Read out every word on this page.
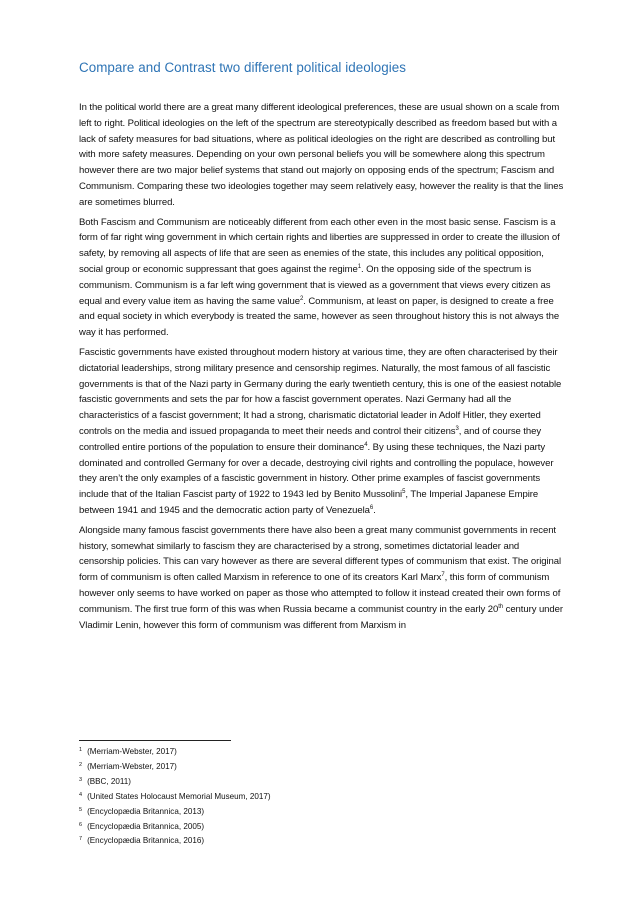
Compare and Contrast two different political ideologies

In the political world there are a great many different ideological preferences, these are usual shown on a scale from left to right. Political ideologies on the left of the spectrum are stereotypically described as freedom based but with a lack of safety measures for bad situations, where as political ideologies on the right are described as controlling but with more safety measures. Depending on your own personal beliefs you will be somewhere along this spectrum however there are two major belief systems that stand out majorly on opposing ends of the spectrum; Fascism and Communism. Comparing these two ideologies together may seem relatively easy, however the reality is that the lines are sometimes blurred.

Both Fascism and Communism are noticeably different from each other even in the most basic sense. Fascism is a form of far right wing government in which certain rights and liberties are suppressed in order to create the illusion of safety, by removing all aspects of life that are seen as enemies of the state, this includes any political opposition, social group or economic suppressant that goes against the regime$^1$. On the opposing side of the spectrum is communism. Communism is a far left wing government that is viewed as a government that views every citizen as equal and every value item as having the same value$^2$. Communism, at least on paper, is designed to create a free and equal society in which everybody is treated the same, however as seen throughout history this is not always the way it has performed.

Fascistic governments have existed throughout modern history at various time, they are often characterised by their dictatorial leaderships, strong military presence and censorship regimes. Naturally, the most famous of all fascistic governments is that of the Nazi party in Germany during the early twentieth century, this is one of the easiest notable fascistic governments and sets the par for how a fascist government operates. Nazi Germany had all the characteristics of a fascist government; It had a strong, charismatic dictatorial leader in Adolf Hitler, they exerted controls on the media and issued propaganda to meet their needs and control their citizens$^3$, and of course they controlled entire portions of the population to ensure their dominance$^4$. By using these techniques, the Nazi party dominated and controlled Germany for over a decade, destroying civil rights and controlling the populace, however they aren’t the only examples of a fascistic government in history. Other prime examples of fascist governments include that of the Italian Fascist party of 1922 to 1943 led by Benito Mussolini$^5$, The Imperial Japanese Empire between 1941 and 1945 and the democratic action party of Venezuela$^6$.

Alongside many famous fascist governments there have also been a great many communist governments in recent history, somewhat similarly to fascism they are characterised by a strong, sometimes dictatorial leader and censorship policies. This can vary however as there are several different types of communism that exist. The original form of communism is often called Marxism in reference to one of its creators Karl Marx$^7$, this form of communism however only seems to have worked on paper as those who attempted to follow it instead created their own forms of communism. The first true form of this was when Russia became a communist country in the early 20th century under Vladimir Lenin, however this form of communism was different from Marxism in

$^1$ (Merriam-Webster, 2017)
$^2$ (Merriam-Webster, 2017)
$^3$ (BBC, 2011)
$^4$ (United States Holocaust Memorial Museum, 2017)
$^5$ (Encyclopædia Britannica, 2013)
$^6$ (Encyclopædia Britannica, 2005)
$^7$ (Encyclopædia Britannica, 2016)
